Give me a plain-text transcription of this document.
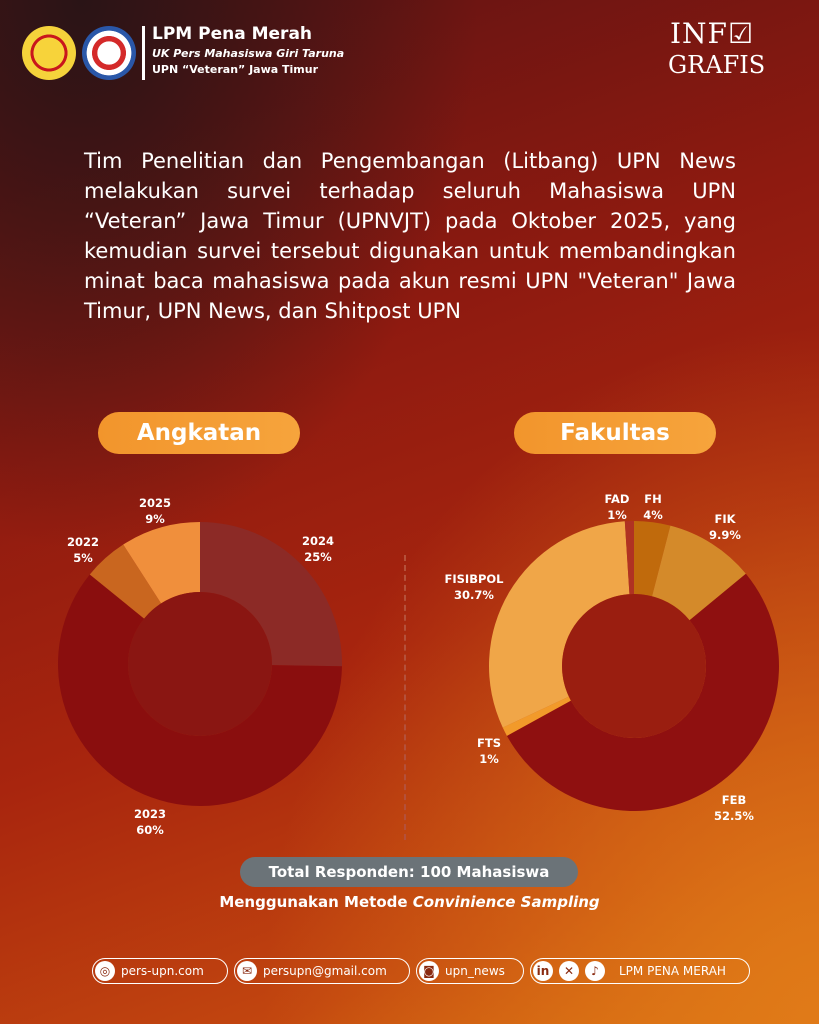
LPM Pena Merah
UK Pers Mahasiswa Giri Taruna
UPN “Veteran” Jawa Timur
INF☑
GRAFIS
Tim Penelitian dan Pengembangan (Litbang) UPN News melakukan survei terhadap seluruh Mahasiswa UPN “Veteran” Jawa Timur (UPNVJT) pada Oktober 2025, yang kemudian survei tersebut digunakan untuk membandingkan minat baca mahasiswa pada akun resmi UPN "Veteran" Jawa Timur, UPN News, dan Shitpost UPN
Angkatan	Fakultas
2024
25%
2023
60%
2022
5%
2025
9%
FH
4%	FIK
9.9%
FEB
52.5%
FTS
1%
FISIBPOL
30.7%
FAD
1%
Total Responden: 100 Mahasiswa
Menggunakan Metode Convinience Sampling
◎ pers-upn.com	✉ persupn@gmail.com	◙ upn_news	in	✕	♪	LPM PENA MERAH
